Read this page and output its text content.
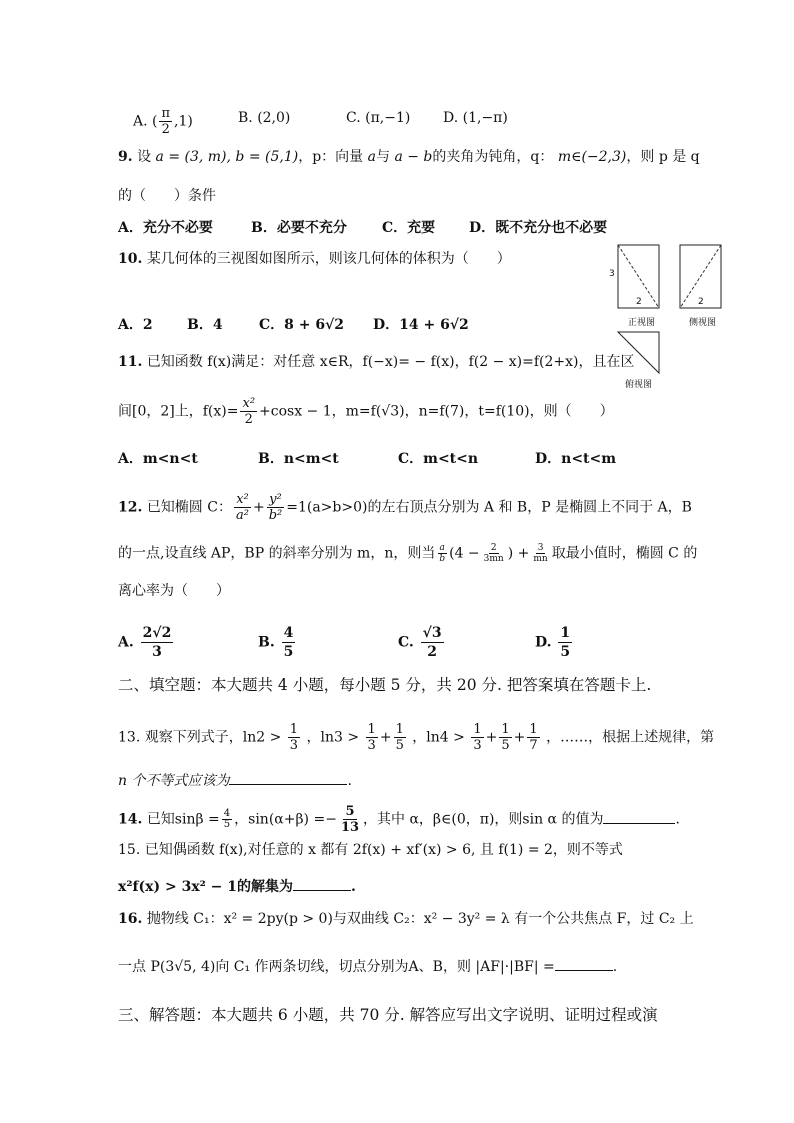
A. ( $\frac{\pi}{2} ,1$)	B. (2,0)	C. (π,−1) D. (1,−π)
9. 设 a = (3, m), b = (5,1)，p：向量 a与 a − b的夹角为钝角，q： m∈(−2,3)，则 p 是 q
的（　　）条件
A．充分不必要	B．必要不充分	C．充要 D．既不充分也不必要
10. 某几何体的三视图如图所示，则该几何体的体积为（　　）
A．2 B．4	C．8 + 6√2 D．14 + 6√2
3
2	2
正视图	侧视图
俯视图
11. 已知函数 f(x)满足：对任意 x∈R，f(−x)= − f(x)，f(2 − x)=f(2+x)，且在区
间[0，2]上，$f(x)= \frac{\text{x²}}{2} +\cos x - 1$，m=f(√3)，n=f(7)，t=f(10)，则（　　）
A．m<n<t	B．n<m<t	C．m<t<n	D．n<t<m
12. 已知椭圆 C： $\frac{\text{x²}}{\text{a²}} + \frac{\text{y²}}{\text{b²}} =1(a>b>0)$的左右顶点分别为 A 和 B，P 是椭圆上不同于 A，B
的一点,设直线 AP，BP 的斜率分别为 m，n，则当 $\frac{a}{b} (4 - \frac{2}{3mn}$ ) + $\frac{3}{mn}$ 取最小值时，椭圆 C 的
离心率为（　　）
A. $\frac{2√2}{3}$	B. $\frac{4}{5}$	C. $\frac{√3}{2}$	D. $\frac{1}{5}$
二、填空题：本大题共 4 小题，每小题 5 分，共 20 分. 把答案填在答题卡上.
13. 观察下列式子，$\ln 2 > \frac{1}{3}$ ，$\ln 3 > \frac{1}{3} + \frac{1}{5}$ ，$\ln 4 > \frac{1}{3} + \frac{1}{5} + \frac{1}{7}$ ，……，根据上述规律，第
n 个不等式应该为	.
14. 已知$\sin\beta = \frac{4}{5}$ ，$\sin(\alpha+\beta) =- \frac{5}{13}$ ，其中 α，β∈(0，π)，则sin α 的值为	.
15. 已知偶函数 f(x),对任意的 x 都有 2f(x) + xf′(x) > 6, 且 f(1) = 2，则不等式
x²f(x) > 3x² − 1的解集为	.
16. 抛物线 C₁：x² = 2py(p > 0)与双曲线 C₂：x² − 3y² = λ 有一个公共焦点 F，过 C₂ 上
一点 P(3√5, 4)向 C₁ 作两条切线，切点分别为A、B，则 |AF|·|BF| =	.
三、解答题：本大题共 6 小题，共 70 分. 解答应写出文字说明、证明过程或演
